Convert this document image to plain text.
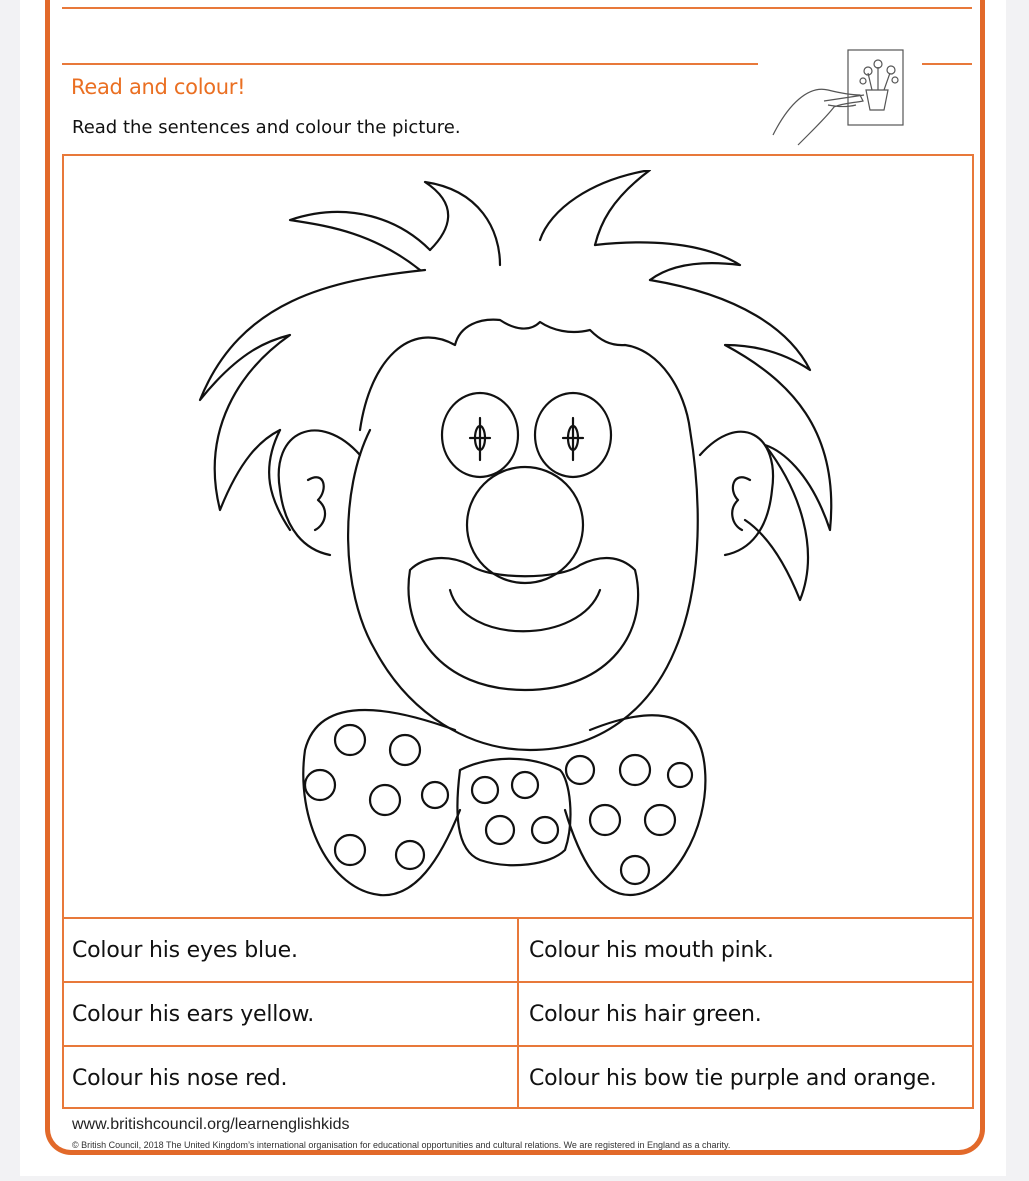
Read and colour!
Read the sentences and colour the picture.
Colour his eyes blue.	Colour his mouth pink.
Colour his ears yellow.	Colour his hair green.
Colour his nose red.	Colour his bow tie purple and orange.
www.britishcouncil.org/learnenglishkids
© British Council, 2018 The United Kingdom’s international organisation for educational opportunities and cultural relations. We are registered in England as a charity.
